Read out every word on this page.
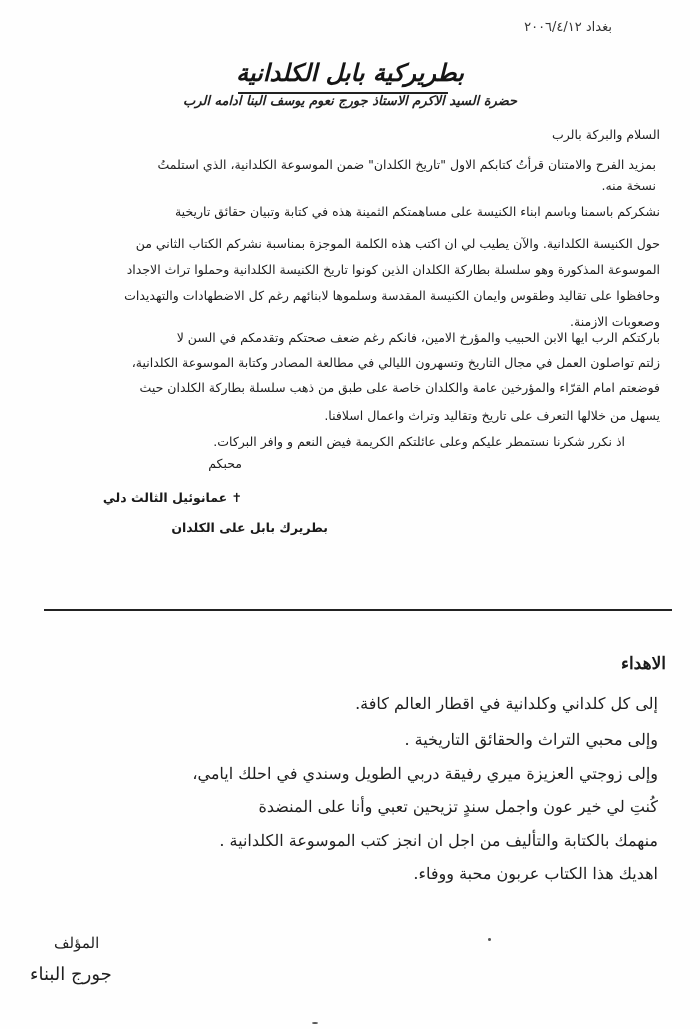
بغداد ٢٠٠٦/٤/١٢
بطريركية بابل الكلدانية
حضرة السيد الاكرم الاستاذ جورج نعوم يوسف البنا ادامه الرب
السلام والبركة بالرب
بمزيد الفرح والامتنان قرأتُ كتابكم الاول "تاريخ الكلدان" ضمن الموسوعة الكلدانية، الذي استلمتُ
نسخة منه.
نشكركم باسمنا وباسم ابناء الكنيسة على مساهمتكم الثمينة هذه في كتابة وتبيان حقائق تاريخية
حول الكنيسة الكلدانية. والآن يطيب لي ان اكتب هذه الكلمة الموجزة بمناسبة نشركم الكتاب الثاني من
الموسوعة المذكورة وهو سلسلة بطاركة الكلدان الذين كونوا تاريخ الكنيسة الكلدانية وحملوا تراث الاجداد
وحافظوا على تقاليد وطقوس وايمان الكنيسة المقدسة وسلموها لابنائهم رغم كل الاضطهادات والتهديدات
وصعوبات الازمنة.
باركتكم الرب ايها الابن الحبيب والمؤرخ الامين، فانكم رغم ضعف صحتكم وتقدمكم في السن لا
زلتم تواصلون العمل في مجال التاريخ وتسهرون الليالي في مطالعة المصادر وكتابة الموسوعة الكلدانية،
فوضعتم امام القرّاء والمؤرخين عامة والكلدان خاصة على طبق من ذهب سلسلة بطاركة الكلدان حيث
يسهل من خلالها التعرف على تاريخ وتقاليد وتراث واعمال اسلافنا.
اذ نكرر شكرنا نستمطر عليكم وعلى عائلتكم الكريمة فيض النعم و وافر البركات.
محبكم
✝ عمانوئيل الثالث دلي
بطريرك بابل على الكلدان
الاهداء
إلى كل كلداني وكلدانية في اقطار العالم كافة.
وإلى محبي التراث والحقائق التاريخية .
وإلى زوجتي العزيزة ميري رفيقة دربي الطويل وسندي في احلك ايامي،
كُنتِ لي خير عون واجمل سندٍ تزيحين تعبي وأنا على المنضدة
منهمك بالكتابة والتأليف من اجل ان انجز كتب الموسوعة الكلدانية .
اهديك هذا الكتاب عربون محبة ووفاء.
المؤلف
جورج البناء
